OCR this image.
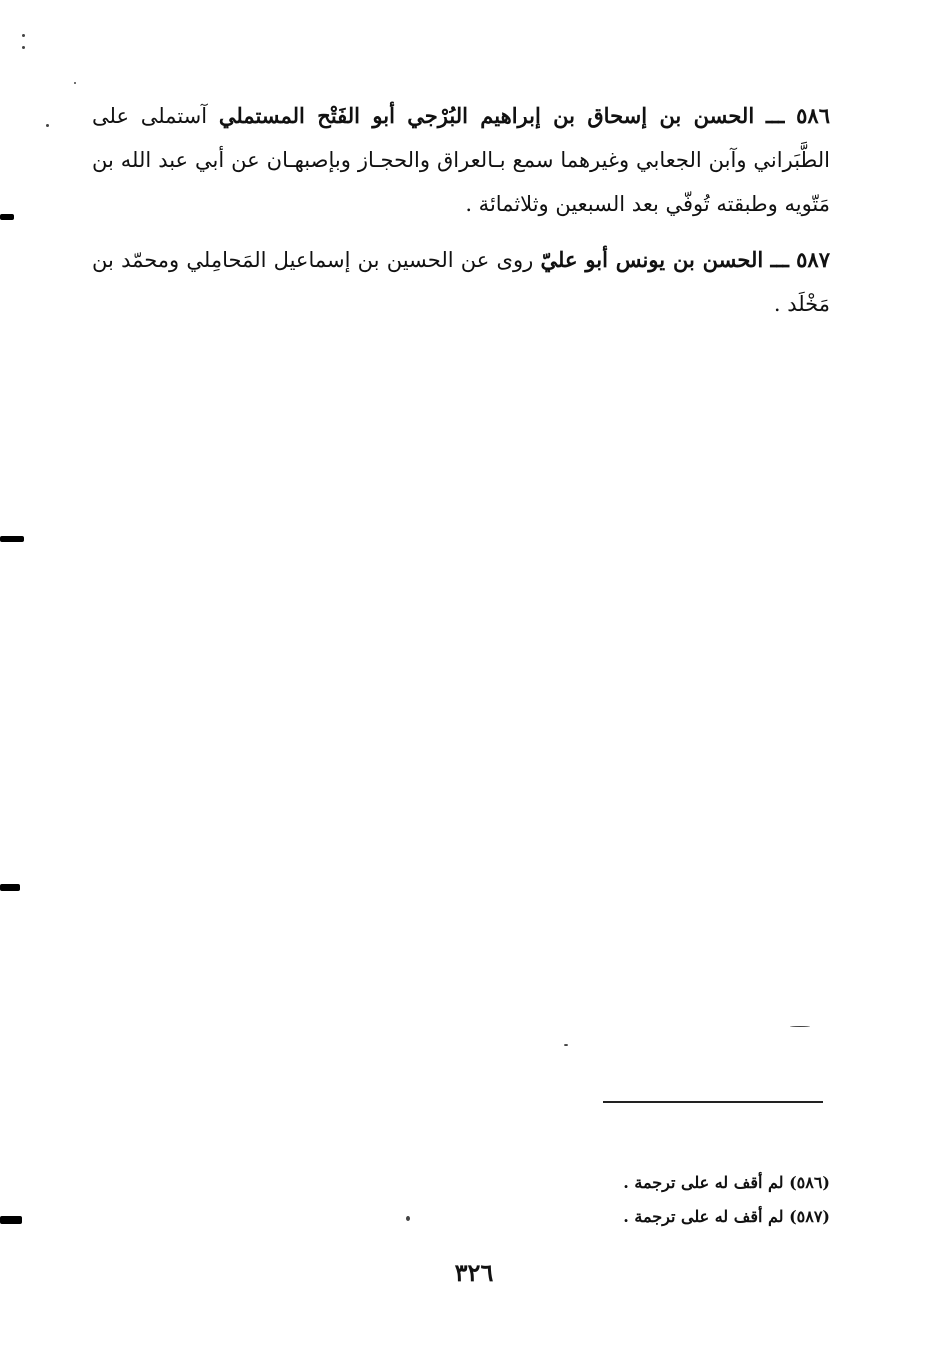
٥٨٦ ـــ الحسن بن إسحاق بن إبراهيم البُرْجي أبو الفَتْح المستملي آستملى على الطَّبَراني وآبن الجعابي وغيرهما سمع بـالعراق والحجـاز وبإصبهـان عن أبي عبد الله بن مَتّويه وطبقته تُوفّي بعد السبعين وثلاثمائة .

٥٨٧ ـــ الحسن بن يونس أبو عليّ روى عن الحسين بن إسماعيل المَحامِلي ومحمّد بن مَخْلَد .

(٥٨٦) لم أقف له على ترجمة .
(٥٨٧) لم أقف له على ترجمة .
٣٢٦
